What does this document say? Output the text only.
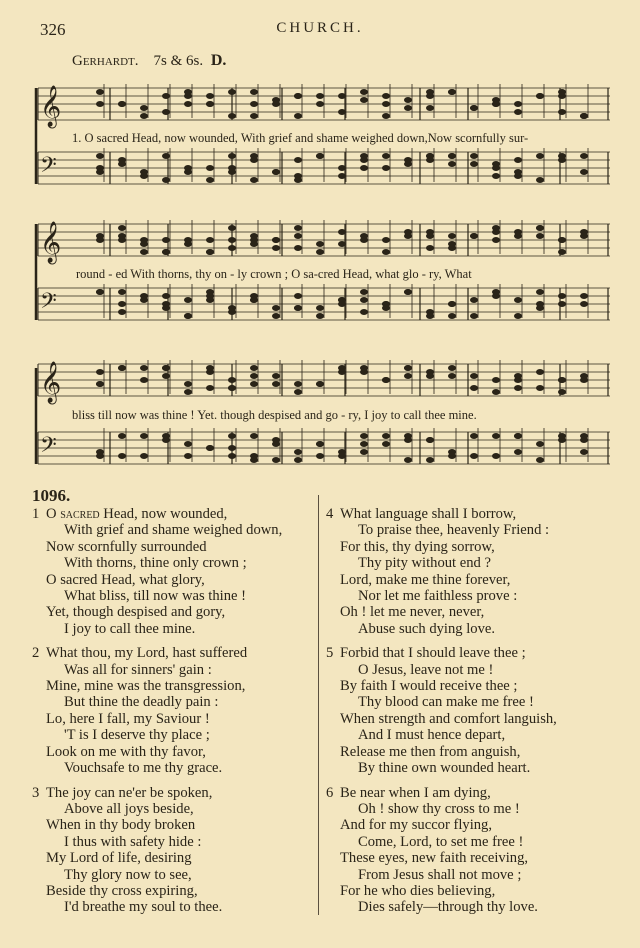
326	CHURCH.
Gerhardt. 7s & 6s. D.
𝄞
𝄢
𝄞
𝄢
𝄞
𝄢
1. O sacred Head, now wounded, With grief and shame weighed down,Now scornfully sur-
round - ed With thorns, thy on - ly crown ; O sa-cred Head, what glo - ry, What
bliss till now was thine ! Yet. though despised and go - ry, I joy to call thee mine.
1096.
1 O sacred Head, now wounded,
With grief and shame weighed down,
Now scornfully surrounded
With thorns, thine only crown ;
O sacred Head, what glory,
What bliss, till now was thine !
Yet, though despised and gory,
I joy to call thee mine.
2 What thou, my Lord, hast suffered
Was all for sinners' gain :
Mine, mine was the transgression,
But thine the deadly pain :
Lo, here I fall, my Saviour !
'T is I deserve thy place ;
Look on me with thy favor,
Vouchsafe to me thy grace.
3 The joy can ne'er be spoken,
Above all joys beside,
When in thy body broken
I thus with safety hide :
My Lord of life, desiring
Thy glory now to see,
Beside thy cross expiring,
I'd breathe my soul to thee.
4 What language shall I borrow,
To praise thee, heavenly Friend :
For this, thy dying sorrow,
Thy pity without end ?
Lord, make me thine forever,
Nor let me faithless prove :
Oh ! let me never, never,
Abuse such dying love.
5 Forbid that I should leave thee ;
O Jesus, leave not me !
By faith I would receive thee ;
Thy blood can make me free !
When strength and comfort languish,
And I must hence depart,
Release me then from anguish,
By thine own wounded heart.
6 Be near when I am dying,
Oh ! show thy cross to me !
And for my succor flying,
Come, Lord, to set me free !
These eyes, new faith receiving,
From Jesus shall not move ;
For he who dies believing,
Dies safely—through thy love.
